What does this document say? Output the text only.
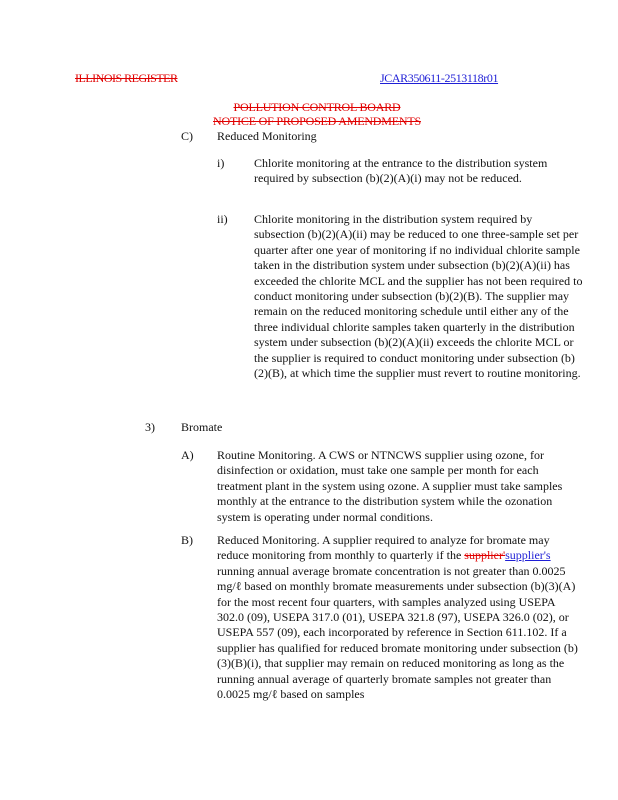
ILLINOIS REGISTER	JCAR350611-2513118r01
POLLUTION CONTROL BOARD
NOTICE OF PROPOSED AMENDMENTS
C) Reduced Monitoring
i) Chlorite monitoring at the entrance to the distribution system required by subsection (b)(2)(A)(i) may not be reduced.
ii) Chlorite monitoring in the distribution system required by subsection (b)(2)(A)(ii) may be reduced to one three-sample set per quarter after one year of monitoring if no individual chlorite sample taken in the distribution system under subsection (b)(2)(A)(ii) has exceeded the chlorite MCL and the supplier has not been required to conduct monitoring under subsection (b)(2)(B). The supplier may remain on the reduced monitoring schedule until either any of the three individual chlorite samples taken quarterly in the distribution system under subsection (b)(2)(A)(ii) exceeds the chlorite MCL or the supplier is required to conduct monitoring under subsection (b)(2)(B), at which time the supplier must revert to routine monitoring.
3) Bromate
A) Routine Monitoring. A CWS or NTNCWS supplier using ozone, for disinfection or oxidation, must take one sample per month for each treatment plant in the system using ozone. A supplier must take samples monthly at the entrance to the distribution system while the ozonation system is operating under normal conditions.
B) Reduced Monitoring. A supplier required to analyze for bromate may reduce monitoring from monthly to quarterly if the supplier'supplier's running annual average bromate concentration is not greater than 0.0025 mg/ℓ based on monthly bromate measurements under subsection (b)(3)(A) for the most recent four quarters, with samples analyzed using USEPA 302.0 (09), USEPA 317.0 (01), USEPA 321.8 (97), USEPA 326.0 (02), or USEPA 557 (09), each incorporated by reference in Section 611.102. If a supplier has qualified for reduced bromate monitoring under subsection (b)(3)(B)(i), that supplier may remain on reduced monitoring as long as the running annual average of quarterly bromate samples not greater than 0.0025 mg/ℓ based on samples
